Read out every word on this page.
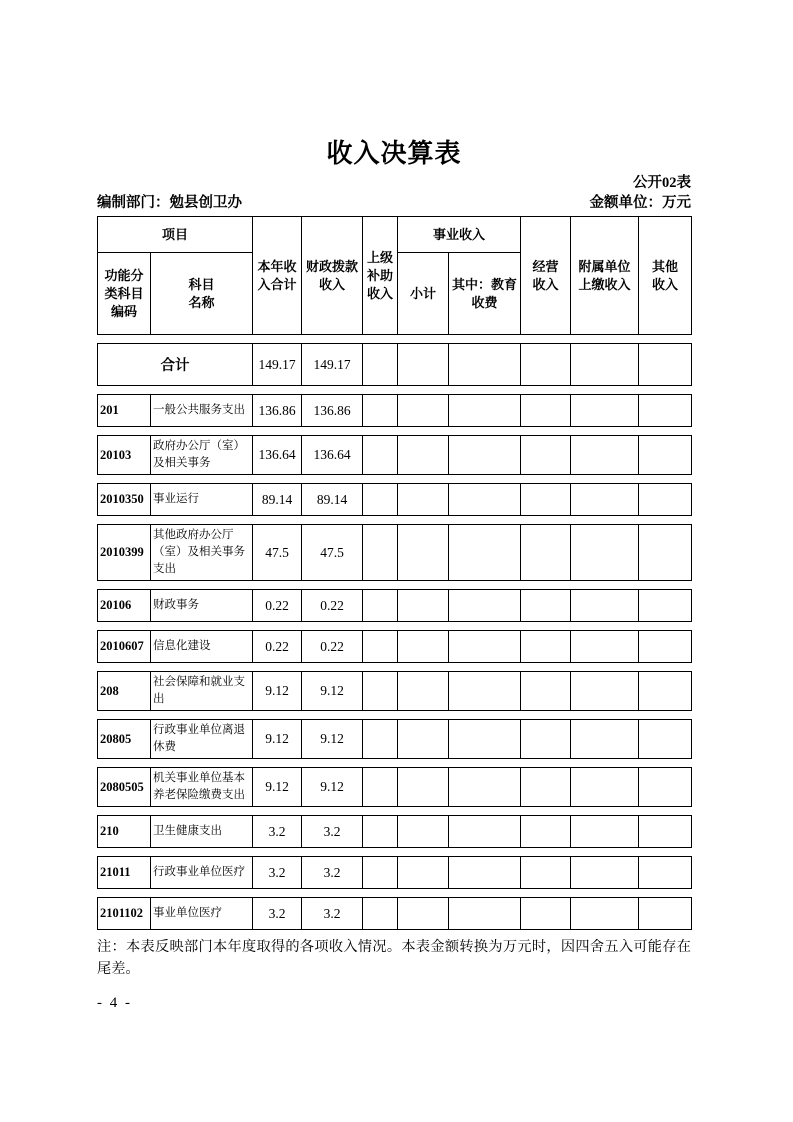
收入决算表
公开02表
编制部门：勉县创卫办	金额单位：万元
项目		本年收
入合计	财政拨款
收入	上级
补助
收入	事业收入		经营
收入	附属单位
上缴收入	其他
收入
功能分
类科目
编码	科目
名称				小计	其中：教育
收费			
合计	149.17	149.17						
201	一般公共服务支出	136.86	136.86						
20103	政府办公厅（室）
及相关事务	136.64	136.64						
2010350	事业运行	89.14	89.14						
2010399	其他政府办公厅
（室）及相关事务
支出	47.5	47.5						
20106	财政事务	0.22	0.22						
2010607	信息化建设	0.22	0.22						
208	社会保障和就业支
出	9.12	9.12						
20805	行政事业单位离退
休费	9.12	9.12						
2080505	机关事业单位基本
养老保险缴费支出	9.12	9.12						
210	卫生健康支出	3.2	3.2						
21011	行政事业单位医疗	3.2	3.2						
2101102	事业单位医疗	3.2	3.2						

注：本表反映部门本年度取得的各项收入情况。本表金额转换为万元时，因四舍五入可能存在尾差。

- 4 -
